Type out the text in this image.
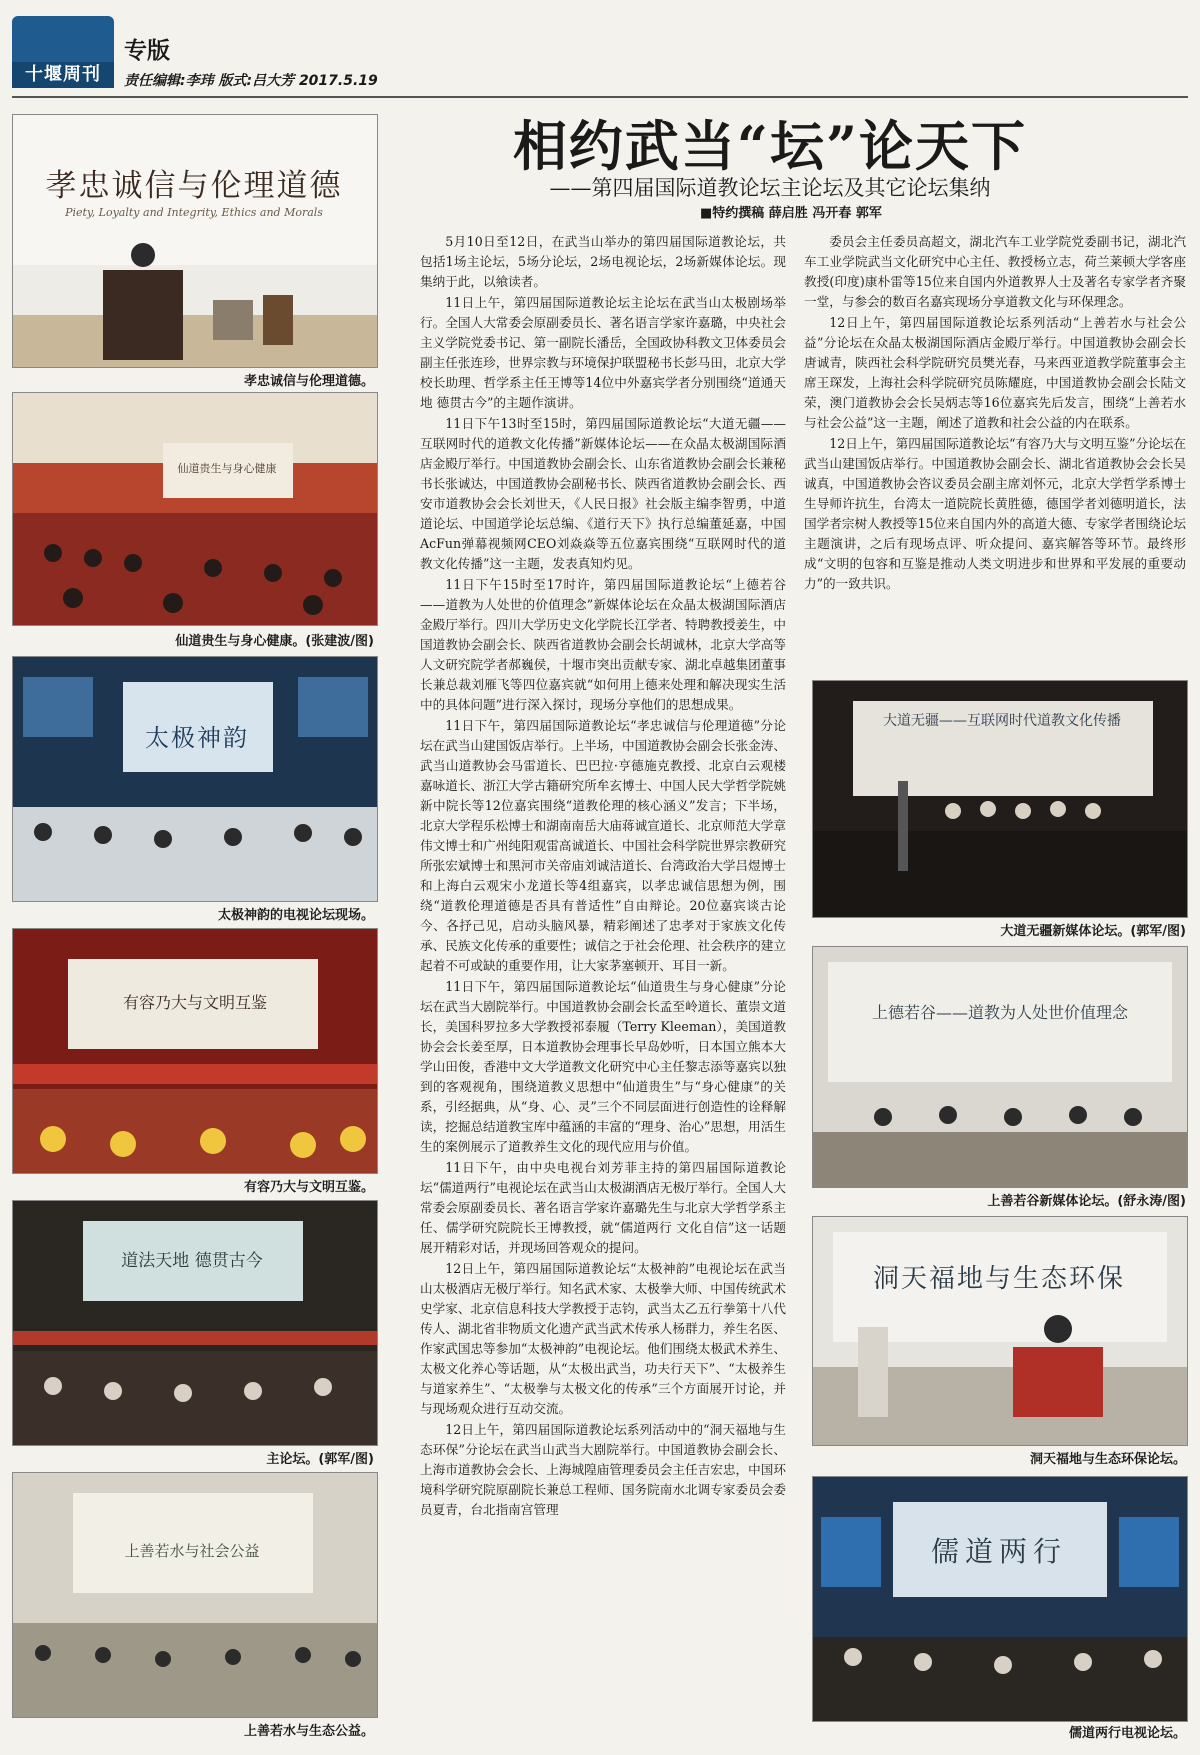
十堰周刊
专版
责任编辑:李玮 版式:吕大芳 2017.5.19
相约武当“坛”论天下
——第四届国际道教论坛主论坛及其它论坛集纳
■特约撰稿 薛启胜 冯开春 郭军
孝忠诚信与伦理道德
Piety, Loyalty and Integrity, Ethics and Morals
孝忠诚信与伦理道德。
仙道贵生与身心健康
仙道贵生与身心健康。(张建波/图)
太极神韵
太极神韵的电视论坛现场。
有容乃大与文明互鉴
有容乃大与文明互鉴。
道法天地 德贯古今
主论坛。(郭军/图)
上善若水与社会公益
上善若水与生态公益。

5月10日至12日，在武当山举办的第四届国际道教论坛，共包括1场主论坛，5场分论坛，2场电视论坛，2场新媒体论坛。现集纳于此，以飨读者。

11日上午，第四届国际道教论坛主论坛在武当山太极剧场举行。全国人大常委会原副委员长、著名语言学家许嘉璐，中央社会主义学院党委书记、第一副院长潘岳，全国政协科教文卫体委员会副主任张连珍，世界宗教与环境保护联盟秘书长彭马田，北京大学校长助理、哲学系主任王博等14位中外嘉宾学者分别围绕“道通天地 德贯古今”的主题作演讲。

11日下午13时至15时，第四届国际道教论坛“大道无疆——互联网时代的道教文化传播”新媒体论坛——在众晶太极湖国际酒店金殿厅举行。中国道教协会副会长、山东省道教协会副会长兼秘书长张诚达，中国道教协会副秘书长、陕西省道教协会副会长、西安市道教协会会长刘世天，《人民日报》社会版主编李智勇，中道道论坛、中国道学论坛总编、《道行天下》执行总编董延嘉，中国AcFun弹幕视频网CEO刘焱焱等五位嘉宾围绕“互联网时代的道教文化传播”这一主题，发表真知灼见。

11日下午15时至17时许，第四届国际道教论坛“上德若谷——道教为人处世的价值理念”新媒体论坛在众晶太极湖国际酒店金殿厅举行。四川大学历史文化学院长江学者、特聘教授姜生，中国道教协会副会长、陕西省道教协会副会长胡诚林，北京大学高等人文研究院学者郝巍侯，十堰市突出贡献专家、湖北卓越集团董事长兼总裁刘雁飞等四位嘉宾就“如何用上德来处理和解决现实生活中的具体问题”进行深入探讨，现场分享他们的思想成果。

11日下午，第四届国际道教论坛“孝忠诚信与伦理道德”分论坛在武当山建国饭店举行。上半场，中国道教协会副会长张金涛、武当山道教协会马雷道长、巴巴拉·亨德施克教授、北京白云观楼嘉咏道长、浙江大学古籍研究所牟玄博士、中国人民大学哲学院姚新中院长等12位嘉宾围绕“道教伦理的核心涵义”发言；下半场，北京大学程乐松博士和湖南南岳大庙蒋诚宣道长、北京师范大学章伟文博士和广州纯阳观雷高诚道长、中国社会科学院世界宗教研究所张宏斌博士和黑河市关帝庙刘诚洁道长、台湾政治大学吕煜博士和上海白云观宋小龙道长等4组嘉宾，以孝忠诚信思想为例，围绕“道教伦理道德是否具有普适性”自由辩论。20位嘉宾谈古论今、各抒己见，启动头脑风暴，精彩阐述了忠孝对于家族文化传承、民族文化传承的重要性；诚信之于社会伦理、社会秩序的建立起着不可或缺的重要作用，让大家茅塞顿开、耳目一新。

11日下午，第四届国际道教论坛“仙道贵生与身心健康”分论坛在武当大剧院举行。中国道教协会副会长孟至岭道长、董崇文道长，美国科罗拉多大学教授祁泰履（Terry Kleeman），美国道教协会会长姜至厚，日本道教协会理事长早岛妙听，日本国立熊本大学山田俊，香港中文大学道教文化研究中心主任黎志添等嘉宾以独到的客观视角，围绕道教义思想中“仙道贵生”与“身心健康”的关系，引经据典，从“身、心、灵”三个不同层面进行创造性的诠释解读，挖掘总结道教宝库中蕴涵的丰富的“理身、治心”思想，用活生生的案例展示了道教养生文化的现代应用与价值。

11日下午，由中央电视台刘芳菲主持的第四届国际道教论坛“儒道两行”电视论坛在武当山太极湖酒店无极厅举行。全国人大常委会原副委员长、著名语言学家许嘉璐先生与北京大学哲学系主任、儒学研究院院长王博教授，就“儒道两行 文化自信”这一话题展开精彩对话，并现场回答观众的提问。

12日上午，第四届国际道教论坛“太极神韵”电视论坛在武当山太极酒店无极厅举行。知名武术家、太极拳大师、中国传统武术史学家、北京信息科技大学教授于志钧，武当太乙五行拳第十八代传人、湖北省非物质文化遗产武当武术传承人杨群力，养生名医、作家武国忠等参加“太极神韵”电视论坛。他们围绕太极武术养生、太极文化养心等话题，从“太极出武当，功夫行天下”、“太极养生与道家养生”、“太极拳与太极文化的传承”三个方面展开讨论，并与现场观众进行互动交流。

12日上午，第四届国际道教论坛系列活动中的“洞天福地与生态环保”分论坛在武当山武当大剧院举行。中国道教协会副会长、上海市道教协会会长、上海城隍庙管理委员会主任吉宏忠，中国环境科学研究院原副院长兼总工程师、国务院南水北调专家委员会委员夏青，台北指南宫管理

委员会主任委员高超文，湖北汽车工业学院党委副书记，湖北汽车工业学院武当文化研究中心主任、教授杨立志，荷兰莱顿大学客座教授(印度)康朴雷等15位来自国内外道教界人士及著名专家学者齐聚一堂，与参会的数百名嘉宾现场分享道教文化与环保理念。

12日上午，第四届国际道教论坛系列活动“上善若水与社会公益”分论坛在众晶太极湖国际酒店金殿厅举行。中国道教协会副会长唐诚青，陕西社会科学院研究员樊光春，马来西亚道教学院董事会主席王琛发，上海社会科学院研究员陈耀庭，中国道教协会副会长陆文荣，澳门道教协会会长吴炳志等16位嘉宾先后发言，围绕“上善若水与社会公益”这一主题，阐述了道教和社会公益的内在联系。

12日上午，第四届国际道教论坛“有容乃大与文明互鉴”分论坛在武当山建国饭店举行。中国道教协会副会长、湖北省道教协会会长吴诚真，中国道教协会咨议委员会副主席刘怀元，北京大学哲学系博士生导师许抗生，台湾太一道院院长黄胜德，德国学者刘德明道长，法国学者宗树人教授等15位来自国内外的高道大德、专家学者围绕论坛主题演讲，之后有现场点评、听众提问、嘉宾解答等环节。最终形成“文明的包容和互鉴是推动人类文明进步和世界和平发展的重要动力”的一致共识。

大道无疆——互联网时代道教文化传播
大道无疆新媒体论坛。(郭军/图)
上德若谷——道教为人处世价值理念
上善若谷新媒体论坛。(舒永涛/图)
洞天福地与生态环保
洞天福地与生态环保论坛。
儒道两行
儒道两行电视论坛。
